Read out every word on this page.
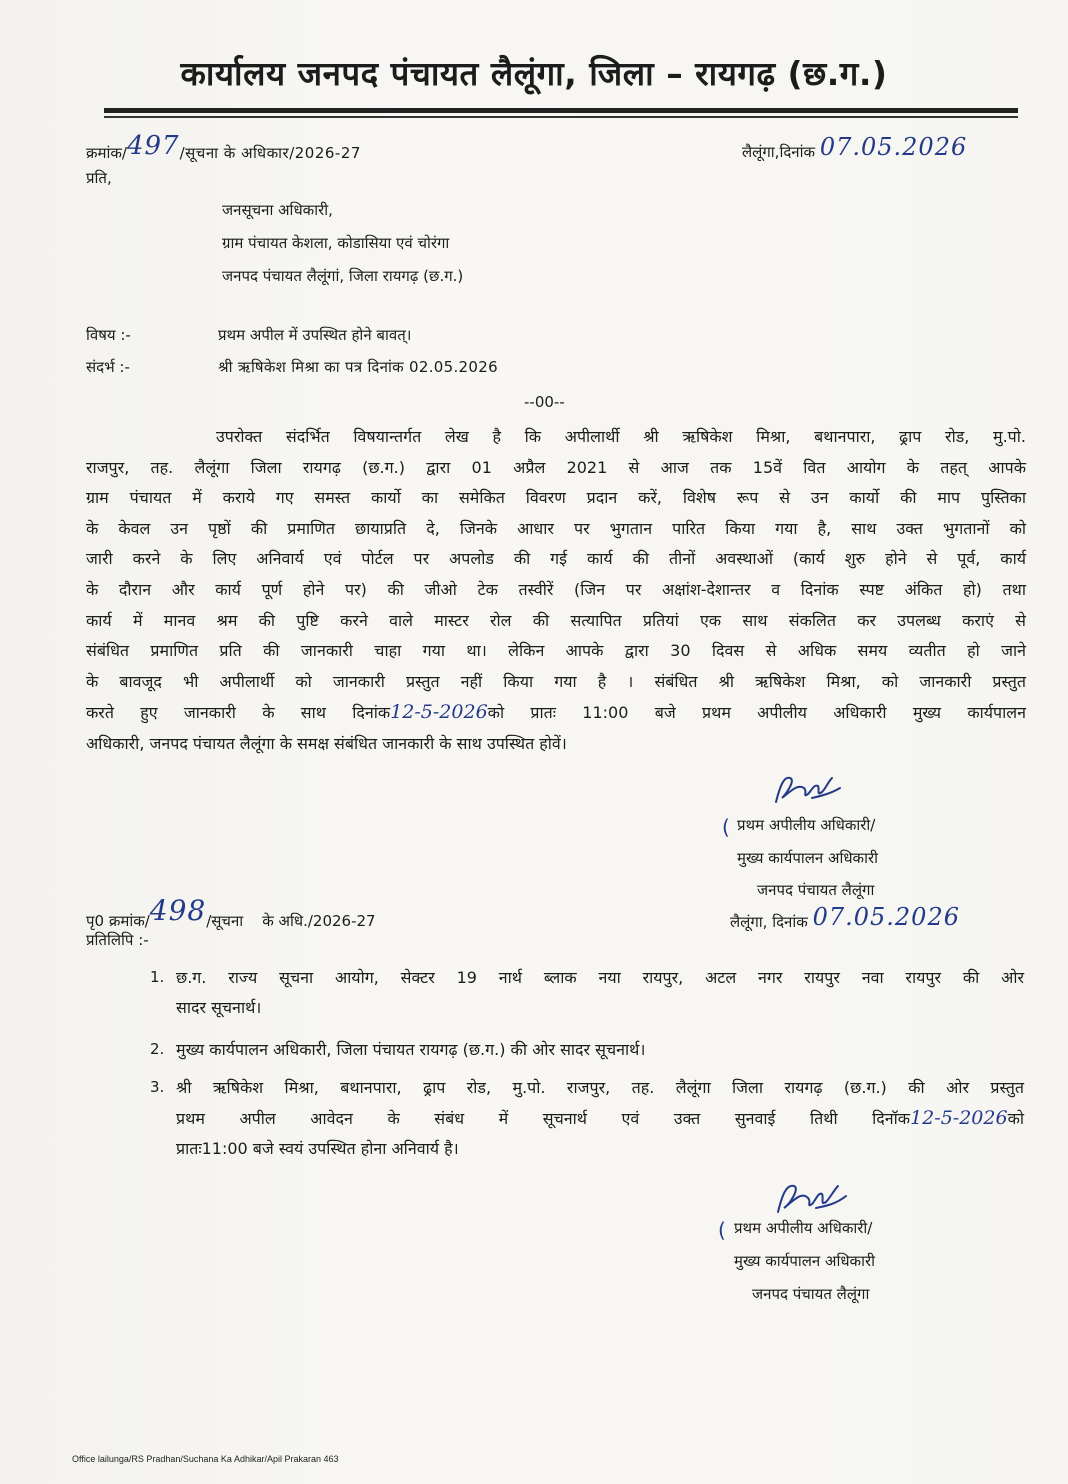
कार्यालय जनपद पंचायत लैलूंगा, जिला – रायगढ़ (छ.ग.)
क्रमांक/497/सूचना के अधिकार/2026-27	लैलूंगा,दिनांक 07.05.2026
प्रति,
जनसूचना अधिकारी,
ग्राम पंचायत केशला, कोडासिया एवं चोरंगा
जनपद पंचायत लैलूंगां, जिला रायगढ़ (छ.ग.)
विषय :-	प्रथम अपील में उपस्थित होने बावत्।
संदर्भ :-	श्री ऋषिकेश मिश्रा का पत्र दिनांक 02.05.2026
--00--
उपरोक्त संदर्भित विषयान्तर्गत लेख है कि अपीलार्थी श्री ऋषिकेश मिश्रा, बथानपारा, ढ्राप रोड, मु.पो.
राजपुर, तह. लैलूंगा जिला रायगढ़ (छ.ग.) द्वारा 01 अप्रैल 2021 से आज तक 15वें वित आयोग के तहत् आपके
ग्राम पंचायत में कराये गए समस्त कार्यो का समेकित विवरण प्रदान करें, विशेष रूप से उन कार्यो की माप पुस्तिका
के केवल उन पृष्ठों की प्रमाणित छायाप्रति दे, जिनके आधार पर भुगतान पारित किया गया है, साथ उक्त भुगतानों को
जारी करने के लिए अनिवार्य एवं पोर्टल पर अपलोड की गई कार्य की तीनों अवस्थाओं (कार्य शुरु होने से पूर्व, कार्य
के दौरान और कार्य पूर्ण होने पर) की जीओ टेक तस्वीरें (जिन पर अक्षांश-देशान्तर व दिनांक स्पष्ट अंकित हो) तथा
कार्य में मानव श्रम की पुष्टि करने वाले मास्टर रोल की सत्यापित प्रतियां एक साथ संकलित कर उपलब्ध कराएं से
संबंधित प्रमाणित प्रति की जानकारी चाहा गया था। लेकिन आपके द्वारा 30 दिवस से अधिक समय व्यतीत हो जाने
के बावजूद भी अपीलार्थी को जानकारी प्रस्तुत नहीं किया गया है । संबंधित श्री ऋषिकेश मिश्रा, को जानकारी प्रस्तुत
करते हुए जानकारी के साथ दिनांक12-5-2026को प्रातः 11:00 बजे प्रथम अपीलीय अधिकारी मुख्य कार्यपालन
अधिकारी, जनपद पंचायत लैलूंगा के समक्ष संबंधित जानकारी के साथ उपस्थित होवें।
( प्रथम अपीलीय अधिकारी/
मुख्य कार्यपालन अधिकारी
जनपद पंचायत लैलूंगा
पृ0 क्रमांक/498/सूचना    के अधि./2026-27	लैलूंगा, दिनांक 07.05.2026
प्रतिलिपि :-
1. छ.ग. राज्य सूचना आयोग, सेक्टर 19 नार्थ ब्लाक नया रायपुर, अटल नगर रायपुर नवा रायपुर की ओर
सादर सूचनार्थ।
2. मुख्य कार्यपालन अधिकारी, जिला पंचायत रायगढ़ (छ.ग.) की ओर सादर सूचनार्थ।
3. श्री ऋषिकेश मिश्रा, बथानपारा, ढ्राप रोड, मु.पो. राजपुर, तह. लैलूंगा जिला रायगढ़ (छ.ग.) की ओर प्रस्तुत
प्रथम अपील आवेदन के संबंध में सूचनार्थ एवं उक्त सुनवाई तिथी दिनॉक12-5-2026को
प्रातः11:00 बजे स्वयं उपस्थित होना अनिवार्य है।
( प्रथम अपीलीय अधिकारी/
मुख्य कार्यपालन अधिकारी
जनपद पंचायत लैलूंगा
Office lailunga/RS Pradhan/Suchana Ka Adhikar/Apil Prakaran 463
